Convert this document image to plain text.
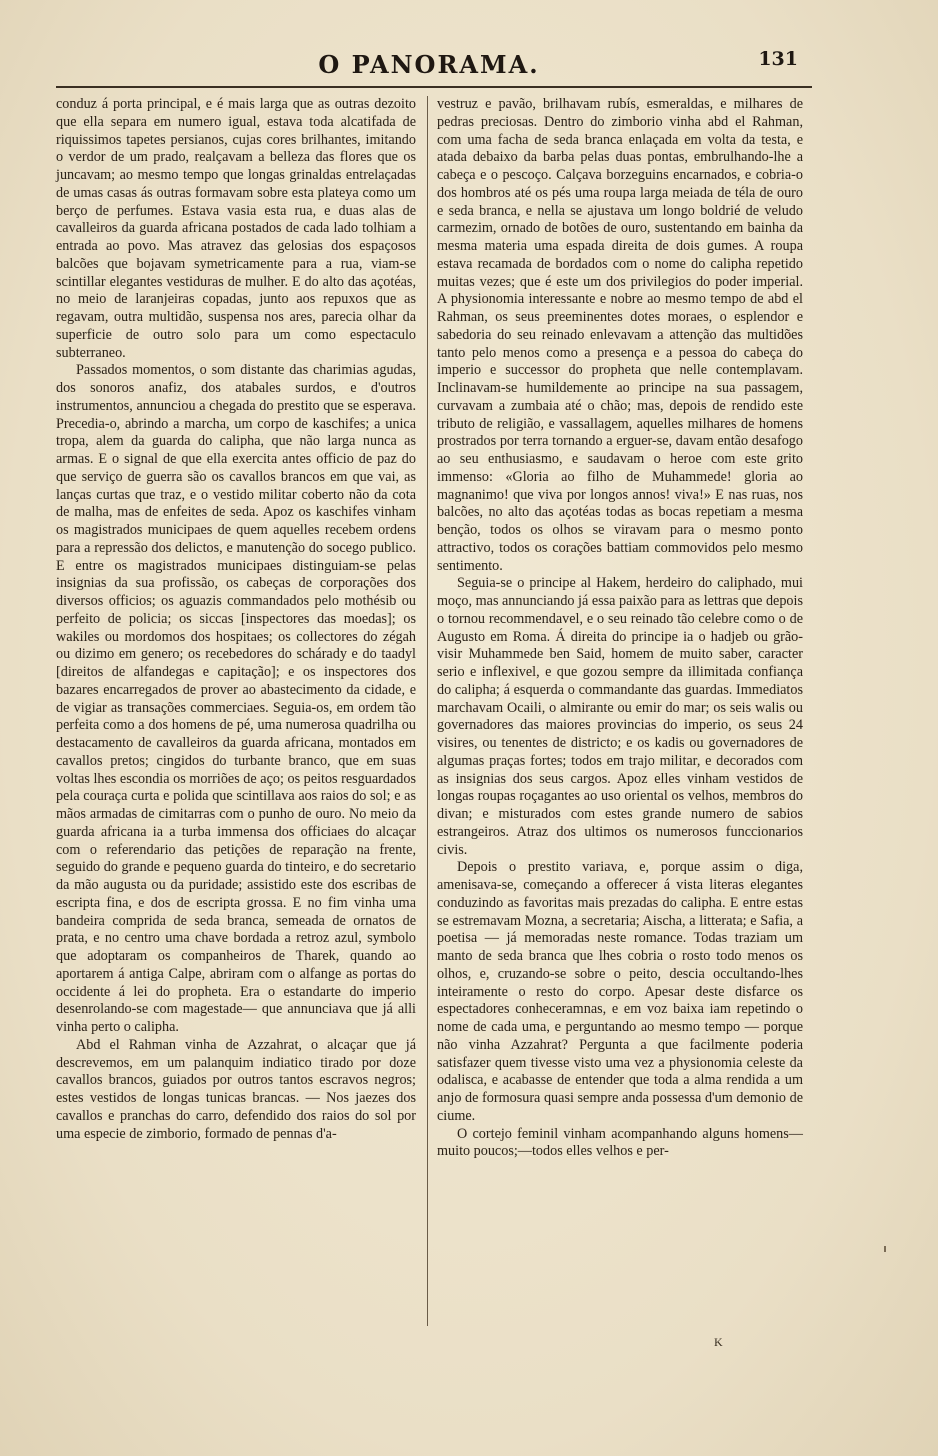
O PANORAMA.	131

conduz á porta principal, e é mais larga que as outras dezoito que ella separa em numero igual, estava toda alcatifada de riquissimos tapetes persianos, cujas cores brilhantes, imitando o verdor de um prado, realçavam a belleza das flores que os juncavam; ao mesmo tempo que longas grinaldas entrelaçadas de umas casas ás outras formavam sobre esta plateya como um berço de perfumes. Estava vasia esta rua, e duas alas de cavalleiros da guarda africana postados de cada lado tolhiam a entrada ao povo. Mas atravez das gelosias dos espaçosos balcões que bojavam symetricamente para a rua, viam-se scintillar elegantes vestiduras de mulher. E do alto das açotéas, no meio de laranjeiras copadas, junto aos repuxos que as regavam, outra multidão, suspensa nos ares, parecia olhar da superficie de outro solo para um como espectaculo subterraneo.

Passados momentos, o som distante das charimias agudas, dos sonoros anafiz, dos atabales surdos, e d'outros instrumentos, annunciou a chegada do prestito que se esperava. Precedia-o, abrindo a marcha, um corpo de kaschifes; a unica tropa, alem da guarda do calipha, que não larga nunca as armas. E o signal de que ella exercita antes officio de paz do que serviço de guerra são os cavallos brancos em que vai, as lanças curtas que traz, e o vestido militar coberto não da cota de malha, mas de enfeites de seda. Apoz os kaschifes vinham os magistrados municipaes de quem aquelles recebem ordens para a repressão dos delictos, e manutenção do socego publico. E entre os magistrados municipaes distinguiam-se pelas insignias da sua profissão, os cabeças de corporações dos diversos officios; os aguazis commandados pelo mothésib ou perfeito de policia; os siccas [inspectores das moedas]; os wakiles ou mordomos dos hospitaes; os collectores do zégah ou dizimo em genero; os recebedores do schárady e do taadyl [direitos de alfandegas e capitação]; e os inspectores dos bazares encarregados de prover ao abastecimento da cidade, e de vigiar as transações commerciaes. Seguia-os, em ordem tão perfeita como a dos homens de pé, uma numerosa quadrilha ou destacamento de cavalleiros da guarda africana, montados em cavallos pretos; cingidos do turbante branco, que em suas voltas lhes escondia os morriões de aço; os peitos resguardados pela couraça curta e polida que scintillava aos raios do sol; e as mãos armadas de cimitarras com o punho de ouro. No meio da guarda africana ia a turba immensa dos officiaes do alcaçar com o referendario das petições de reparação na frente, seguido do grande e pequeno guarda do tinteiro, e do secretario da mão augusta ou da puridade; assistido este dos escribas de escripta fina, e dos de escripta grossa. E no fim vinha uma bandeira comprida de seda branca, semeada de ornatos de prata, e no centro uma chave bordada a retroz azul, symbolo que adoptaram os companheiros de Tharek, quando ao aportarem á antiga Calpe, abriram com o alfange as portas do occidente á lei do propheta. Era o estandarte do imperio desenrolando-se com magestade— que annunciava que já alli vinha perto o calipha.

Abd el Rahman vinha de Azzahrat, o alcaçar que já descrevemos, em um palanquim indiatico tirado por doze cavallos brancos, guiados por outros tantos escravos negros; estes vestidos de longas tunicas brancas. — Nos jaezes dos cavallos e pranchas do carro, defendido dos raios do sol por uma especie de zimborio, formado de pennas d'a-

vestruz e pavão, brilhavam rubís, esmeraldas, e milhares de pedras preciosas. Dentro do zimborio vinha abd el Rahman, com uma facha de seda branca enlaçada em volta da testa, e atada debaixo da barba pelas duas pontas, embrulhando-lhe a cabeça e o pescoço. Calçava borzeguins encarnados, e cobria-o dos hombros até os pés uma roupa larga meiada de téla de ouro e seda branca, e nella se ajustava um longo boldrié de veludo carmezim, ornado de botões de ouro, sustentando em bainha da mesma materia uma espada direita de dois gumes. A roupa estava recamada de bordados com o nome do calipha repetido muitas vezes; que é este um dos privilegios do poder imperial. A physionomia interessante e nobre ao mesmo tempo de abd el Rahman, os seus preeminentes dotes moraes, o esplendor e sabedoria do seu reinado enlevavam a attenção das multidões tanto pelo menos como a presença e a pessoa do cabeça do imperio e successor do propheta que nelle contemplavam. Inclinavam-se humildemente ao principe na sua passagem, curvavam a zumbaia até o chão; mas, depois de rendido este tributo de religião, e vassallagem, aquelles milhares de homens prostrados por terra tornando a erguer-se, davam então desafogo ao seu enthusiasmo, e saudavam o heroe com este grito immenso: «Gloria ao filho de Muhammede! gloria ao magnanimo! que viva por longos annos! viva!» E nas ruas, nos balcões, no alto das açotéas todas as bocas repetiam a mesma benção, todos os olhos se viravam para o mesmo ponto attractivo, todos os corações battiam commovidos pelo mesmo sentimento.

Seguia-se o principe al Hakem, herdeiro do caliphado, mui moço, mas annunciando já essa paixão para as lettras que depois o tornou recommendavel, e o seu reinado tão celebre como o de Augusto em Roma. Á direita do principe ia o hadjeb ou grão-visir Muhammede ben Said, homem de muito saber, caracter serio e inflexivel, e que gozou sempre da illimitada confiança do calipha; á esquerda o commandante das guardas. Immediatos marchavam Ocaili, o almirante ou emir do mar; os seis walis ou governadores das maiores provincias do imperio, os seus 24 visires, ou tenentes de districto; e os kadis ou governadores de algumas praças fortes; todos em trajo militar, e decorados com as insignias dos seus cargos. Apoz elles vinham vestidos de longas roupas roçagantes ao uso oriental os velhos, membros do divan; e misturados com estes grande numero de sabios estrangeiros. Atraz dos ultimos os numerosos funccionarios civis.

Depois o prestito variava, e, porque assim o diga, amenisava-se, começando a offerecer á vista literas elegantes conduzindo as favoritas mais prezadas do calipha. E entre estas se estremavam Mozna, a secretaria; Aischa, a litterata; e Safia, a poetisa — já memoradas neste romance. Todas traziam um manto de seda branca que lhes cobria o rosto todo menos os olhos, e, cruzando-se sobre o peito, descia occultando-lhes inteiramente o resto do corpo. Apesar deste disfarce os espectadores conheceramnas, e em voz baixa iam repetindo o nome de cada uma, e perguntando ao mesmo tempo — porque não vinha Azzahrat? Pergunta a que facilmente poderia satisfazer quem tivesse visto uma vez a physionomia celeste da odalisca, e acabasse de entender que toda a alma rendida a um anjo de formosura quasi sempre anda possessa d'um demonio de ciume.

O cortejo feminil vinham acompanhando alguns homens—muito poucos;—todos elles velhos e per-

K
